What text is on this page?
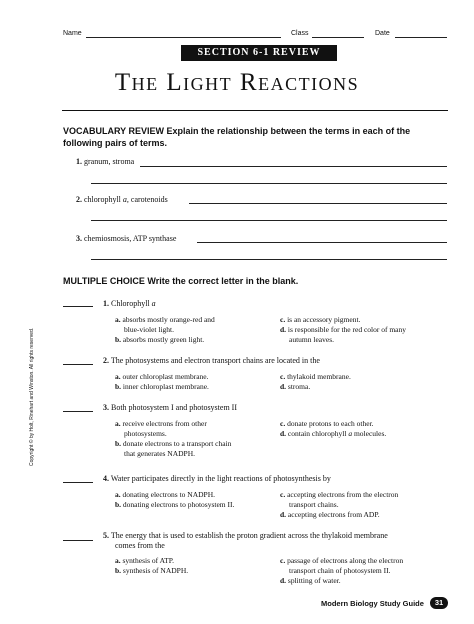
Name	Class	Date
SECTION 6-1 REVIEW
The Light Reactions
VOCABULARY REVIEW Explain the relationship between the terms in each of the
following pairs of terms.
1. granum, stroma
2. chlorophyll a, carotenoids
3. chemiosmosis, ATP synthase
MULTIPLE CHOICE Write the correct letter in the blank.
1. Chlorophyll a
a. absorbs mostly orange-red and
blue-violet light.
b. absorbs mostly green light.
c. is an accessory pigment.
d. is responsible for the red color of many
autumn leaves.
2. The photosystems and electron transport chains are located in the
a. outer chloroplast membrane.
b. inner chloroplast membrane.
c. thylakoid membrane.
d. stroma.
3. Both photosystem I and photosystem II
a. receive electrons from other
photosystems.
b. donate electrons to a transport chain
that generates NADPH.
c. donate protons to each other.
d. contain chlorophyll a molecules.
4. Water participates directly in the light reactions of photosynthesis by
a. donating electrons to NADPH.
b. donating electrons to photosystem II.
c. accepting electrons from the electron
transport chains.
d. accepting electrons from ADP.
5. The energy that is used to establish the proton gradient across the thylakoid membrane
comes from the
a. synthesis of ATP.
b. synthesis of NADPH.
c. passage of electrons along the electron
transport chain of photosystem II.
d. splitting of water.
Copyright © by Holt, Rinehart and Winston. All rights reserved.
Modern Biology Study Guide	31
